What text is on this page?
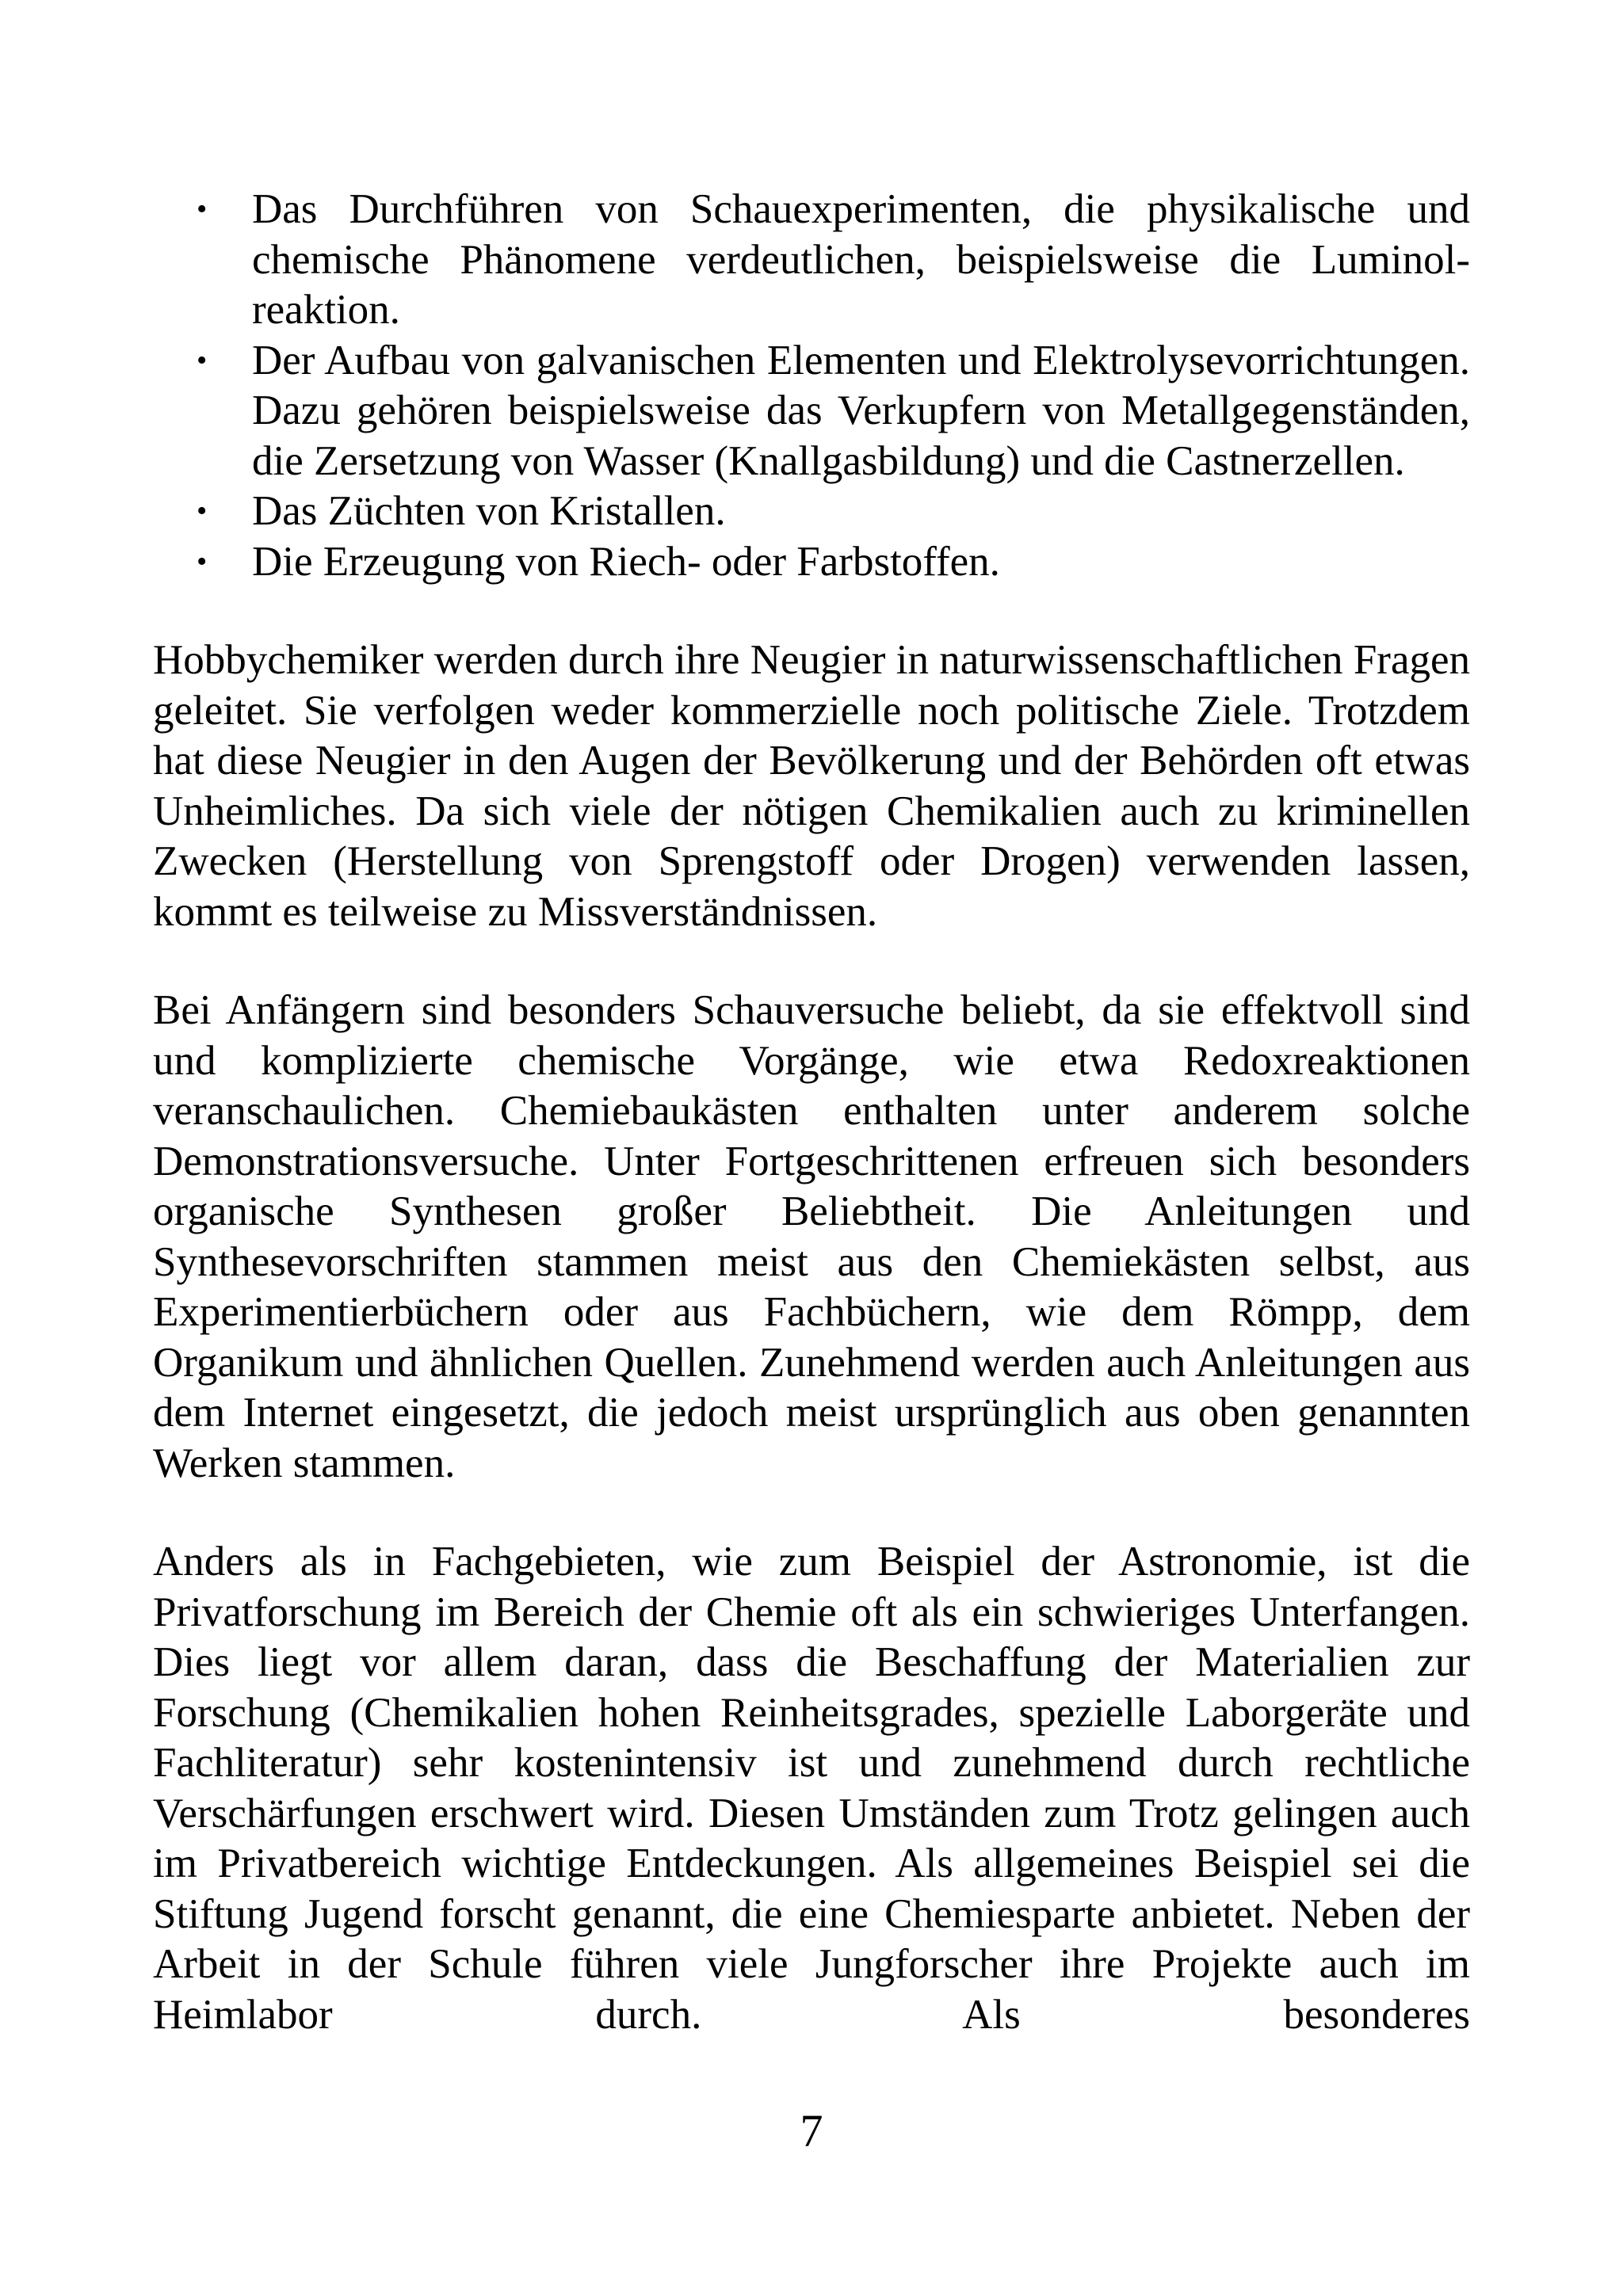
• Das Durchführen von Schauexperimenten, die physikalische und chemische Phänomene verdeutlichen, beispielsweise die Luminolreaktion.
• Der Aufbau von galvanischen Elementen und Elektrolysevorrichtungen. Dazu gehören beispielsweise das Verkupfern von Metallgegenständen, die Zersetzung von Wasser (Knallgasbildung) und die Castnerzellen.
• Das Züchten von Kristallen.
• Die Erzeugung von Riech- oder Farbstoffen.

Hobbychemiker werden durch ihre Neugier in naturwissenschaftlichen Fragen geleitet. Sie verfolgen weder kommerzielle noch politische Ziele. Trotzdem hat diese Neugier in den Augen der Bevölkerung und der Behörden oft etwas Unheimliches. Da sich viele der nötigen Chemikalien auch zu kriminellen Zwecken (Herstellung von Sprengstoff oder Drogen) verwenden lassen, kommt es teilweise zu Missverständnissen.

Bei Anfängern sind besonders Schauversuche beliebt, da sie effektvoll sind und komplizierte chemische Vorgänge, wie etwa Redoxreaktionen veranschaulichen. Chemiebaukästen enthalten unter anderem solche Demonstrationsversuche. Unter Fortgeschrittenen erfreuen sich besonders organische Synthesen großer Beliebtheit. Die Anleitungen und Synthesevorschriften stammen meist aus den Chemiekästen selbst, aus Experimentierbüchern oder aus Fachbüchern, wie dem Römpp, dem Organikum und ähnlichen Quellen. Zunehmend werden auch Anleitungen aus dem Internet eingesetzt, die jedoch meist ursprünglich aus oben genannten Werken stammen.

Anders als in Fachgebieten, wie zum Beispiel der Astronomie, ist die Privatforschung im Bereich der Chemie oft als ein schwieriges Unterfangen. Dies liegt vor allem daran, dass die Beschaffung der Materialien zur Forschung (Chemikalien hohen Reinheitsgrades, spezielle Laborgeräte und Fachliteratur) sehr kostenintensiv ist und zunehmend durch rechtliche Verschärfungen erschwert wird. Diesen Umständen zum Trotz gelingen auch im Privatbereich wichtige Entdeckungen. Als allgemeines Beispiel sei die Stiftung Jugend forscht genannt, die eine Chemiesparte anbietet. Neben der Arbeit in der Schule führen viele Jungforscher ihre Projekte auch im Heimlabor durch. Als besonderes

7
